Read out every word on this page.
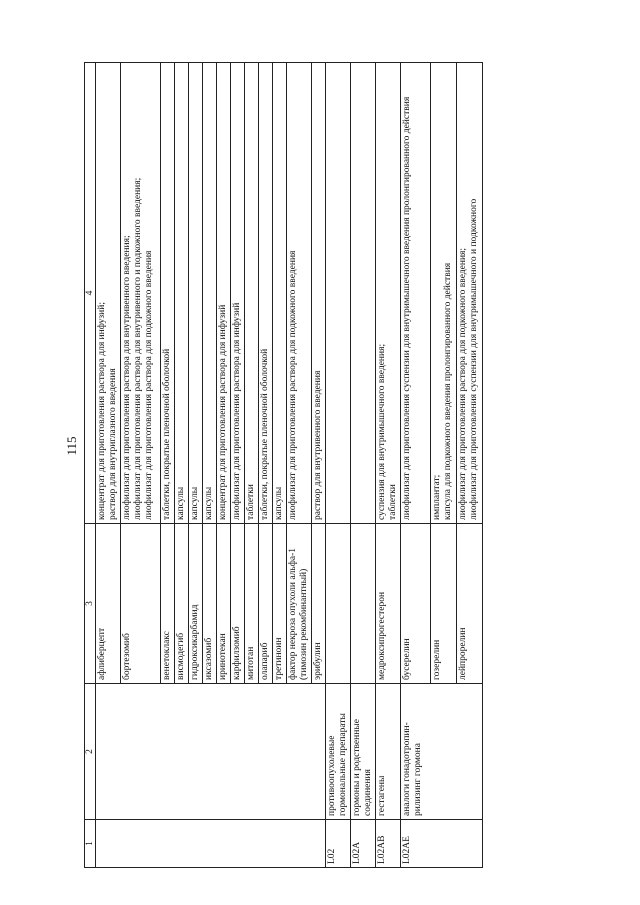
115
1	2	3	4
		афлиберцепт	концентрат для приготовления раствора для инфузий; раствор для внутриглазного введения

		бортезомиб	лиофилизат для приготовления раствора для внутривенного введения; лиофилизат для приготовления раствора для внутривенного и подкожного введения; лиофилизат для приготовления раствора для подкожного введения

		венетоклакс	таблетки, покрытые пленочной оболочкой

		висмодегиб	капсулы

		гидроксикарбамид	капсулы

		иксазомиб	капсулы

		иринотекан	концентрат для приготовления раствора для инфузий

		карфилзомиб	лиофилизат для приготовления раствора для инфузий

		митотан	таблетки

		олапариб	таблетки, покрытые пленочной оболочкой

		третиноин	капсулы

		фактор некроза опухоли альфа-1 (тимозин рекомбинантный)	лиофилизат для приготовления раствора для подкожного введения

		эрибулин	раствор для внутривенного введения

L02	противоопухолевые гормональные препараты		
L02A	гормоны и родственные соединения		
L02AB	гестагены	медроксипрогестерон	суспензия для внутримышечного введения; таблетки

L02AE	аналоги гонадотропин-рилизинг гормона	бусерелин	лиофилизат для приготовления суспензии для внутримышечного введения пролонгированного действия

		гозерелин	имплантат; капсула для подкожного введения пролонгированного действия

		лейпрорелин	лиофилизат для приготовления раствора для подкожного введения; лиофилизат для приготовления суспензии для внутримышечного и подкожного
